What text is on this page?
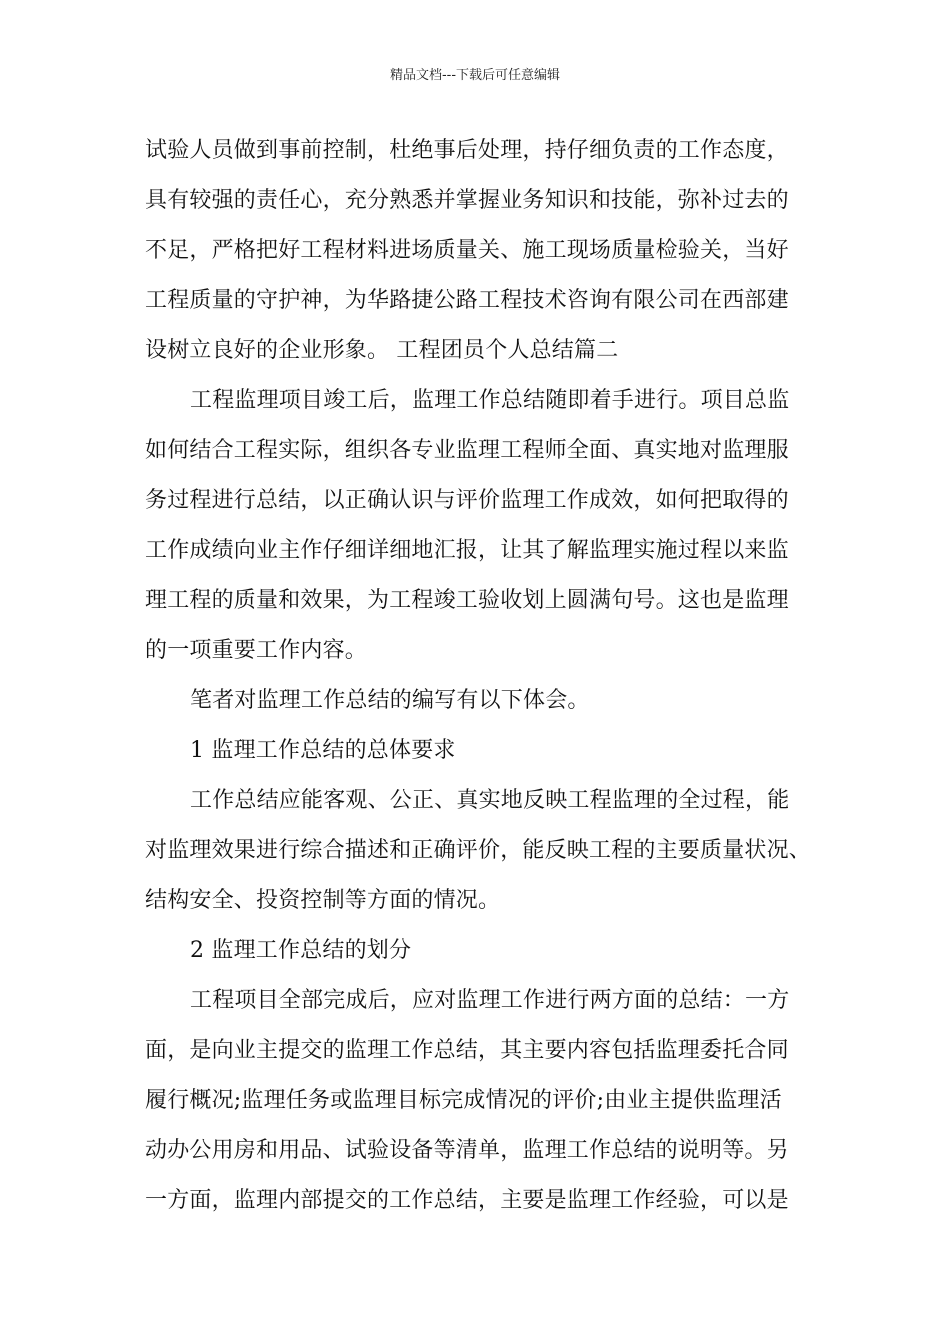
精品文档---下载后可任意编辑
试验人员做到事前控制，杜绝事后处理，持仔细负责的工作态度，
具有较强的责任心，充分熟悉并掌握业务知识和技能，弥补过去的
不足，严格把好工程材料进场质量关、施工现场质量检验关，当好
工程质量的守护神，为华路捷公路工程技术咨询有限公司在西部建
设树立良好的企业形象。 工程团员个人总结篇二
工程监理项目竣工后，监理工作总结随即着手进行。项目总监
如何结合工程实际，组织各专业监理工程师全面、真实地对监理服
务过程进行总结，以正确认识与评价监理工作成效，如何把取得的
工作成绩向业主作仔细详细地汇报，让其了解监理实施过程以来监
理工程的质量和效果，为工程竣工验收划上圆满句号。这也是监理
的一项重要工作内容。
笔者对监理工作总结的编写有以下体会。
1 监理工作总结的总体要求
工作总结应能客观、公正、真实地反映工程监理的全过程，能
对监理效果进行综合描述和正确评价，能反映工程的主要质量状况、
结构安全、投资控制等方面的情况。
2 监理工作总结的划分
工程项目全部完成后，应对监理工作进行两方面的总结：一方
面，是向业主提交的监理工作总结，其主要内容包括监理委托合同
履行概况;监理任务或监理目标完成情况的评价;由业主提供监理活
动办公用房和用品、试验设备等清单，监理工作总结的说明等。另
一方面，监理内部提交的工作总结，主要是监理工作经验，可以是
